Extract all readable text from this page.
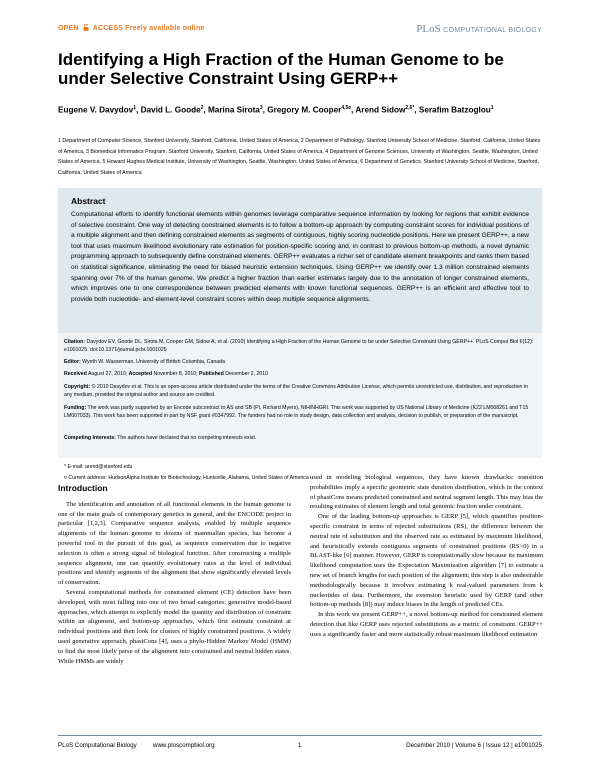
OPEN ACCESS Freely available online	PLoS COMPUTATIONAL BIOLOGY
Identifying a High Fraction of the Human Genome to be under Selective Constraint Using GERP++
Eugene V. Davydov$^1$, David L. Goode$^2$, Marina Sirota$^3$, Gregory M. Cooper$^{4,5¤}$, Arend Sidow$^{2,6*}$, Serafim Batzoglou$^1$
1 Department of Computer Science, Stanford University, Stanford, California, United States of America, 2 Department of Pathology, Stanford University School of Medicine, Stanford, California, United States of America, 3 Biomedical Informatics Program, Stanford University, Stanford, California, United States of America, 4 Department of Genome Sciences, University of Washington, Seattle, Washington, United States of America, 5 Howard Hughes Medical Institute, University of Washington, Seattle, Washington, United States of America, 6 Department of Genetics, Stanford University School of Medicine, Stanford, California, United States of America
Abstract

Computational efforts to identify functional elements within genomes leverage comparative sequence information by looking for regions that exhibit evidence of selective constraint. One way of detecting constrained elements is to follow a bottom-up approach by computing constraint scores for individual positions of a multiple alignment and then defining constrained elements as segments of contiguous, highly scoring nucleotide positions. Here we present GERP++, a new tool that uses maximum likelihood evolutionary rate estimation for position-specific scoring and, in contrast to previous bottom-up methods, a novel dynamic programming approach to subsequently define constrained elements. GERP++ evaluates a richer set of candidate element breakpoints and ranks them based on statistical significance, eliminating the need for biased heuristic extension techniques. Using GERP++ we identify over 1.3 million constrained elements spanning over 7% of the human genome. We predict a higher fraction than earlier estimates largely due to the annotation of longer constrained elements, which improves one to one correspondence between predicted elements with known functional sequences. GERP++ is an efficient and effective tool to provide both nucleotide- and element-level constraint scores within deep multiple sequence alignments.

Citation: Davydov EV, Goode DL, Sirota M, Cooper GM, Sidow A, et al. (2010) Identifying a High Fraction of the Human Genome to be under Selective Constraint Using GERP++. PLoS Comput Biol 6(12): e1001025. doi:10.1371/journal.pcbi.1001025
Editor: Wyeth W. Wasserman, University of British Columbia, Canada
Received August 27, 2010; Accepted November 8, 2010; Published December 2, 2010
Copyright: © 2010 Davydov et al. This is an open-access article distributed under the terms of the Creative Commons Attribution License, which permits unrestricted use, distribution, and reproduction in any medium, provided the original author and source are credited.
Funding: The work was partly supported by an Encode subcontract to AS and SB (PI, Richard Myers), NIH/NHGRI. This work was supported by US National Library of Medicine (K22 LM008261 and T15 LM007033). This work has been supported in part by NSF grant #0347992. The funders had no role in study design, data collection and analysis, decision to publish, or preparation of the manuscript.
Competing Interests: The authors have declared that no competing interests exist.
* E-mail: arend@stanford.edu
¤ Current address: HudsonAlpha Institute for Biotechnology, Huntsville, Alabama, United States of America
Introduction

The identification and annotation of all functional elements in the human genome is one of the main goals of contemporary genetics in general, and the ENCODE project in particular [1,2,3]. Comparative sequence analysis, enabled by multiple sequence alignments of the human genome to dozens of mammalian species, has become a powerful tool in the pursuit of this goal, as sequence conservation due to negative selection is often a strong signal of biological function. After constructing a multiple sequence alignment, one can quantify evolutionary rates at the level of individual positions and identify segments of the alignment that show significantly elevated levels of conservation.

Several computational methods for constrained element (CE) detection have been developed, with most falling into one of two broad categories: generative model-based approaches, which attempt to explicitly model the quantity and distribution of constraint within an alignment, and bottom-up approaches, which first estimate constraint at individual positions and then look for clusters of highly constrained positions. A widely used generative approach, phastCons [4], uses a phylo-Hidden Markov Model (HMM) to find the most likely parse of the alignment into constrained and neutral hidden states. While HMMs are widely

used in modeling biological sequences, they have known drawbacks: transition probabilities imply a specific geometric state duration distribution, which in the context of phastCons means predicted constrained and neutral segment length. This may bias the resulting estimates of element length and total genomic fraction under constraint.

One of the leading bottom-up approaches is GERP [5], which quantifies position-specific constraint in terms of rejected substitutions (RS), the difference between the neutral rate of substitution and the observed rate as estimated by maximum likelihood, and heuristically extends contiguous segments of constrained positions (RS>0) in a BLAST-like [6] manner. However, GERP is computationally slow because its maximum likelihood computation uses the Expectation Maximization algorithm [7] to estimate a new set of branch lengths for each position of the alignment; this step is also undesirable methodologically because it involves estimating k real-valued parameters from k nucleotides of data. Furthermore, the extension heuristic used by GERP (and other bottom-up methods [8]) may induce biases in the length of predicted CEs.

In this work we present GERP++, a novel bottom-up method for constrained element detection that like GERP uses rejected substitutions as a metric of constraint. GERP++ uses a significantly faster and more statistically robust maximum likelihood estimation

PLoS Computational Biology	www.ploscompbiol.org	1	December 2010 | Volume 6 | Issue 12 | e1001025
